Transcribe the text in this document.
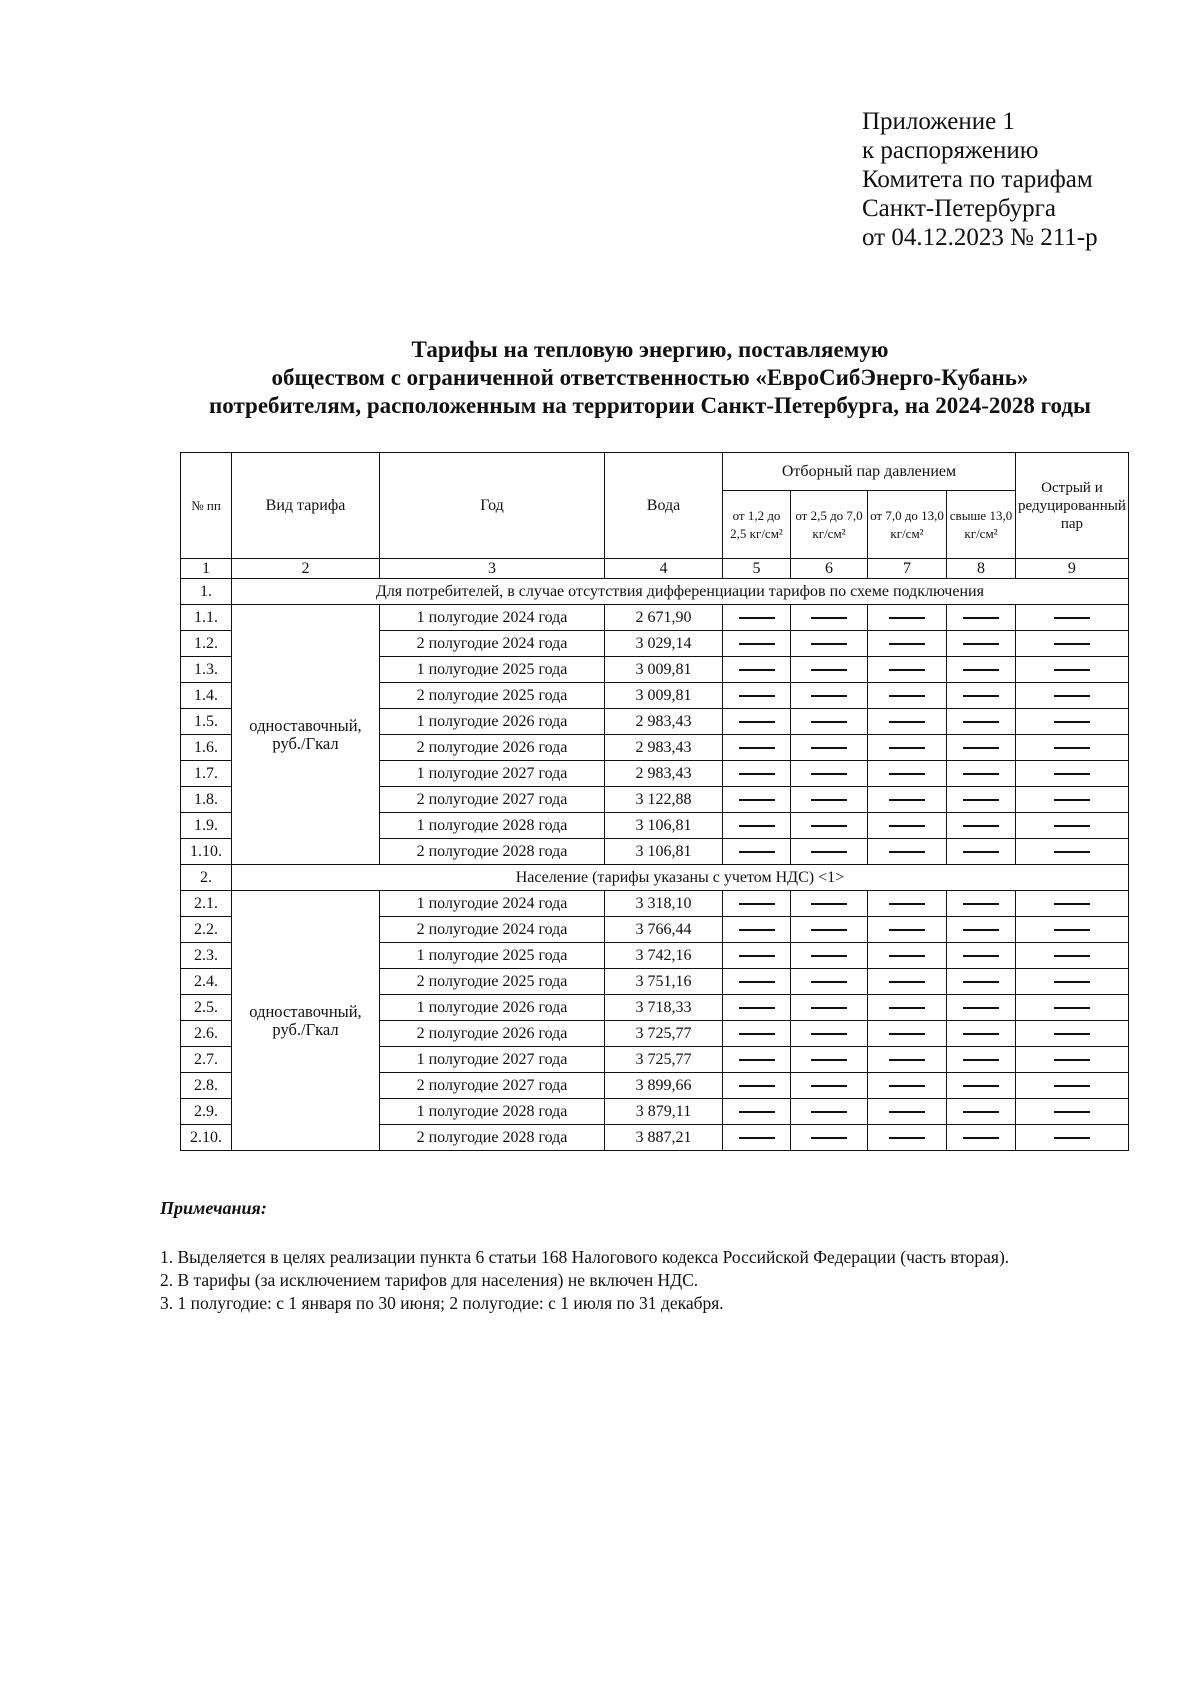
Приложение 1
к распоряжению
Комитета по тарифам
Санкт-Петербурга
от 04.12.2023 № 211-р
Тарифы на тепловую энергию, поставляемую
обществом с ограниченной ответственностью «ЕвроСибЭнерго-Кубань»
потребителям, расположенным на территории Санкт-Петербурга, на 2024-2028 годы
№ пп	Вид тарифа	Год	Вода	Отборный пар давлением				Острый и редуцированный пар
				от 1,2 до 2,5 кг/см²	от 2,5 до 7,0 кг/см²	от 7,0 до 13,0 кг/см²	свыше 13,0 кг/см²	
1	2	3	4	5	6	7	8	9
1.	Для потребителей, в случае отсутствия дифференциации тарифов по схеме подключения							
1.1.	одноставочный, руб./Гкал	1 полугодие 2024 года	2 671,90					
1.2.		2 полугодие 2024 года	3 029,14					
1.3.		1 полугодие 2025 года	3 009,81					
1.4.		2 полугодие 2025 года	3 009,81					
1.5.		1 полугодие 2026 года	2 983,43					
1.6.		2 полугодие 2026 года	2 983,43					
1.7.		1 полугодие 2027 года	2 983,43					
1.8.		2 полугодие 2027 года	3 122,88					
1.9.		1 полугодие 2028 года	3 106,81					
1.10.		2 полугодие 2028 года	3 106,81					
2.	Население (тарифы указаны с учетом НДС) <1>							
2.1.	одноставочный, руб./Гкал	1 полугодие 2024 года	3 318,10					
2.2.		2 полугодие 2024 года	3 766,44					
2.3.		1 полугодие 2025 года	3 742,16					
2.4.		2 полугодие 2025 года	3 751,16					
2.5.		1 полугодие 2026 года	3 718,33					
2.6.		2 полугодие 2026 года	3 725,77					
2.7.		1 полугодие 2027 года	3 725,77					
2.8.		2 полугодие 2027 года	3 899,66					
2.9.		1 полугодие 2028 года	3 879,11					
2.10.		2 полугодие 2028 года	3 887,21					
Примечания:

1. Выделяется в целях реализации пункта 6 статьи 168 Налогового кодекса Российской Федерации (часть вторая).

2. В тарифы (за исключением тарифов для населения) не включен НДС.

3. 1 полугодие: с 1 января по 30 июня; 2 полугодие: с 1 июля по 31 декабря.
